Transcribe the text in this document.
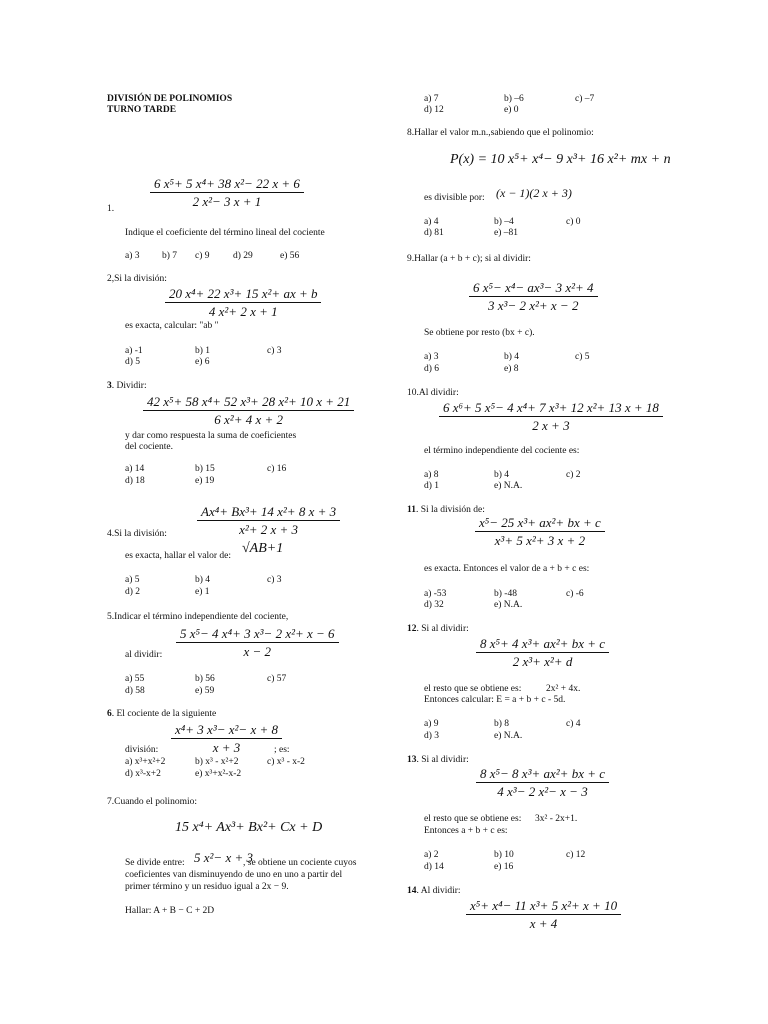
DIVISIÓN DE POLINOMIOS
TURNO TARDE
$\frac{\text{6 x⁵+ 5 x⁴+ 38 x²− 22 x + 6}}{\text{2 x²− 3 x + 1}}$
1.
Indique el coeficiente del término lineal del cociente
a) 3 b) 7 c) 9 d) 29	e) 56
2,Si la división:
$\frac{\text{20 x⁴+ 22 x³+ 15 x²+ ax + b}}{\text{4 x²+ 2 x + 1}}$
es exacta, calcular: "ab "
a) -1	b) 1	c) 3
d) 5	e) 6
3. Dividir:
$\frac{\text{42 x⁵+ 58 x⁴+ 52 x³+ 28 x²+ 10 x + 21}}{\text{6 x²+ 4 x + 2}}$
y dar como respuesta la suma de coeficientes
del cociente.
a) 14	b) 15	c) 16
d) 18	e) 19
$\frac{\text{Ax⁴+ Bx³+ 14 x²+ 8 x + 3}}{\text{x²+ 2 x + 3}}$
4.Si la división:
es exacta, hallar el valor de: √AB+1
a) 5	b) 4	c) 3
d) 2	e) 1
5.Indicar el término independiente del cociente,
$\frac{\text{5 x⁵− 4 x⁴+ 3 x³− 2 x²+ x − 6}}{x - 2}$
al dividir:
a) 55	b) 56	c) 57
d) 58	e) 59
6. El cociente de la siguiente
$\frac{\text{x⁴+ 3 x³− x²− x + 8}}{x + 3}$
división:	; es:
a) x³+x²+2	b) x³ - x²+2	c) x³ - x-2
d) x³-x+2	e) x³+x²-x-2
7.Cuando el polinomio:
15 x⁴+ Ax³+ Bx²+ Cx + D
Se divide entre: 5 x²− x + 3
, se obtiene un cociente cuyos
coeficientes van disminuyendo de uno en uno a partir del
primer término y un residuo igual a 2x − 9.
Hallar: A + B − C + 2D
a) 7	b) –6	c) –7
d) 12	e) 0
8.Hallar el valor m.n.,sabiendo que el polinomio:
P(x) = 10 x⁵+ x⁴− 9 x³+ 16 x²+ mx + n
es divisible por: (x − 1)(2 x + 3)
a) 4	b) –4	c) 0
d) 81	e) –81
9.Hallar (a + b + c); si al dividir:
$\frac{\text{6 x⁵− x⁴− ax³− 3 x²+ 4}}{\text{3 x³− 2 x²+ x − 2}}$
Se obtiene por resto (bx + c).
a) 3	b) 4	c) 5
d) 6	e) 8
10.Al dividir:
$\frac{\text{6 x⁶+ 5 x⁵− 4 x⁴+ 7 x³+ 12 x²+ 13 x + 18}}{2 x + 3}$
el término independiente del cociente es:
a) 8	b) 4	c) 2
d) 1	e) N.A.
11. Si la división de:
$\frac{\text{x⁵− 25 x³+ ax²+ bx + c}}{\text{x³+ 5 x²+ 3 x + 2}}$
es exacta. Entonces el valor de a + b + c es:
a) -53	b) -48	c) -6
d) 32	e) N.A.
12. Si al dividir:
$\frac{\text{8 x⁵+ 4 x³+ ax²+ bx + c}}{\text{2 x³+ x²+ d}}$
el resto que se obtiene es:	2x² + 4x.
Entonces calcular: E = a + b + c - 5d.
a) 9	b) 8	c) 4
d) 3	e) N.A.
13. Si al dividir:
$\frac{\text{8 x⁵− 8 x³+ ax²+ bx + c}}{\text{4 x³− 2 x²− x − 3}}$
el resto que se obtiene es: 3x² - 2x+1.
Entonces a + b + c es:
a) 2	b) 10	c) 12
d) 14	e) 16
14. Al dividir:
$\frac{\text{x⁵+ x⁴− 11 x³+ 5 x²+ x + 10}}{x + 4}$
